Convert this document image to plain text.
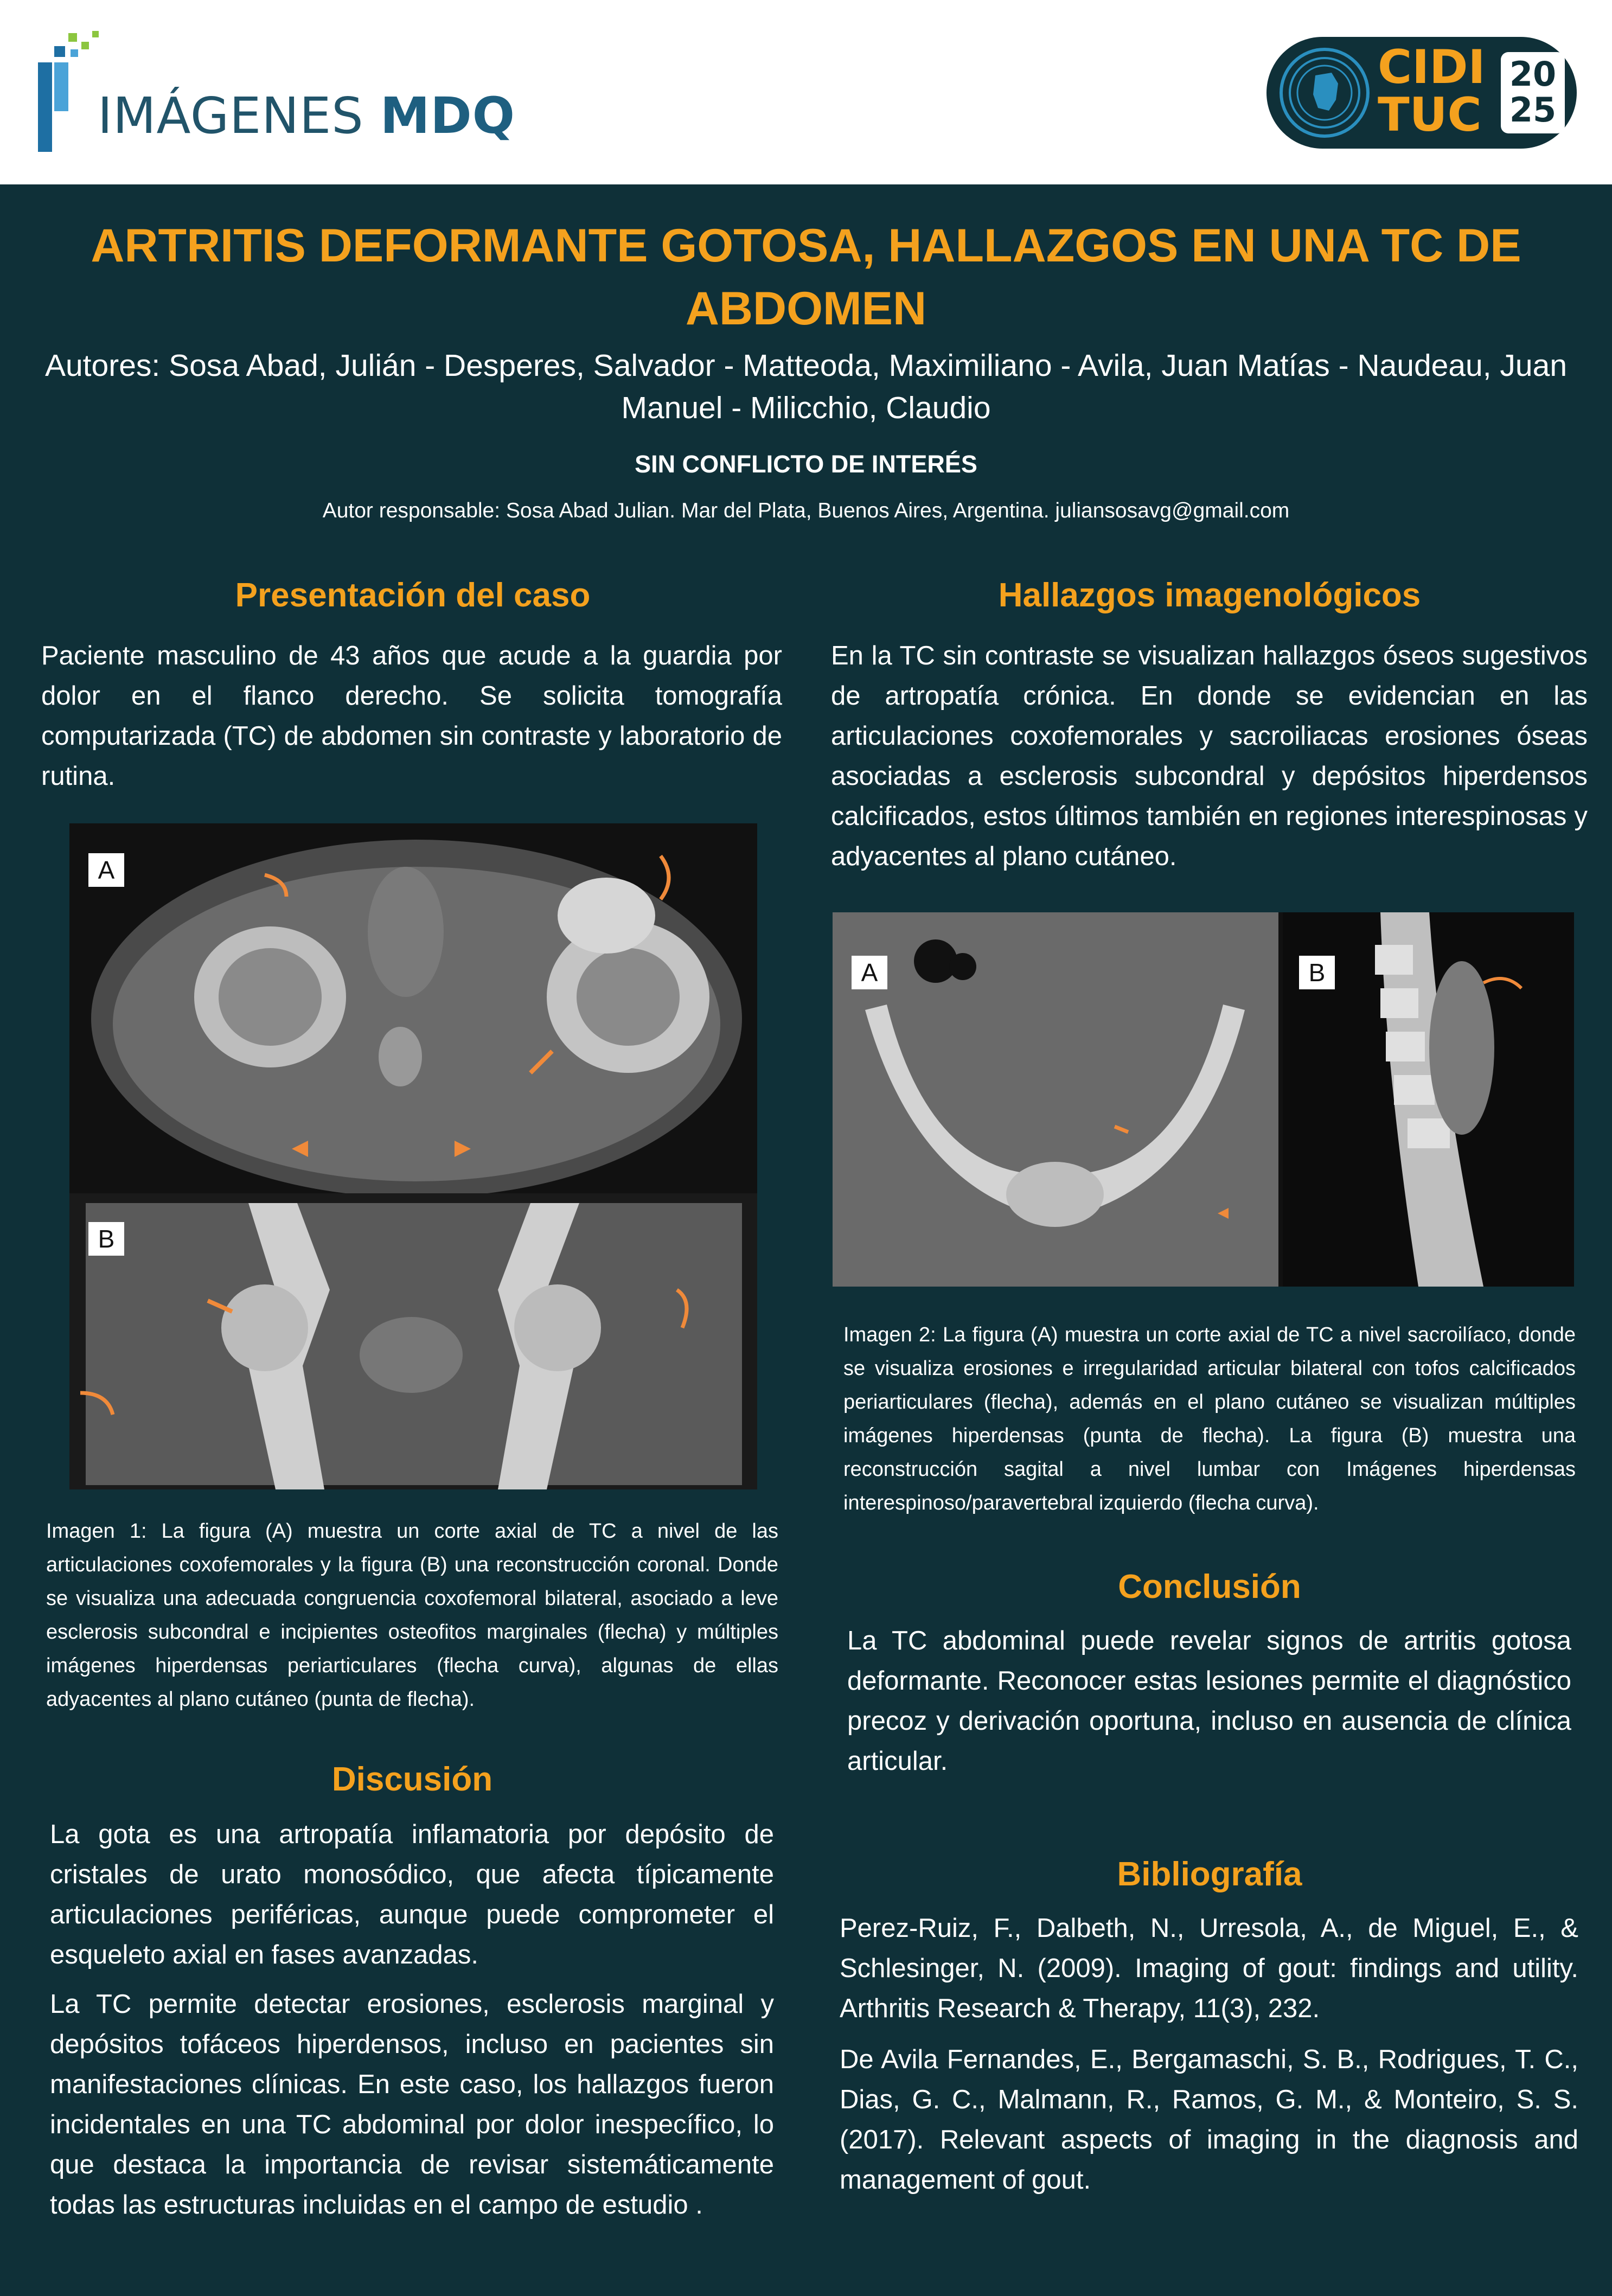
IMÁGENES MDQ
CIDI
TUC
20
25
ARTRITIS DEFORMANTE GOTOSA, HALLAZGOS EN UNA TC DE ABDOMEN
Autores: Sosa Abad, Julián - Desperes, Salvador - Matteoda, Maximiliano - Avila, Juan Matías - Naudeau, Juan Manuel - Milicchio, Claudio
SIN CONFLICTO DE INTERÉS
Autor responsable: Sosa Abad Julian. Mar del Plata, Buenos Aires, Argentina. juliansosavg@gmail.com
Presentación del caso
Paciente masculino de 43 años que acude a la guardia por dolor en el flanco derecho. Se solicita tomografía computarizada (TC) de abdomen sin contraste y laboratorio de rutina.
A
B
Imagen 1: La figura (A) muestra un corte axial de TC a nivel de las articulaciones coxofemorales y la figura (B) una reconstrucción coronal. Donde se visualiza una adecuada congruencia coxofemoral bilateral, asociado a leve esclerosis subcondral e incipientes osteofitos marginales (flecha) y múltiples imágenes hiperdensas periarticulares (flecha curva), algunas de ellas adyacentes al plano cutáneo (punta de flecha).
Discusión
La gota es una artropatía inflamatoria por depósito de cristales de urato monosódico, que afecta típicamente articulaciones periféricas, aunque puede comprometer el esqueleto axial en fases avanzadas.
La TC permite detectar erosiones, esclerosis marginal y depósitos tofáceos hiperdensos, incluso en pacientes sin manifestaciones clínicas. En este caso, los hallazgos fueron incidentales en una TC abdominal por dolor inespecífico, lo que destaca la importancia de revisar sistemáticamente todas las estructuras incluidas en el campo de estudio .
Hallazgos imagenológicos
En la TC sin contraste se visualizan hallazgos óseos sugestivos de artropatía crónica. En donde se evidencian en las articulaciones coxofemorales y sacroiliacas erosiones óseas asociadas a esclerosis subcondral y depósitos hiperdensos calcificados, estos últimos también en regiones interespinosas y adyacentes al plano cutáneo.
A	B
Imagen 2: La figura (A) muestra un corte axial de TC a nivel sacroilíaco, donde se visualiza erosiones e irregularidad articular bilateral con tofos calcificados periarticulares (flecha), además en el plano cutáneo se visualizan múltiples imágenes hiperdensas (punta de flecha). La figura (B) muestra una reconstrucción sagital a nivel lumbar con Imágenes hiperdensas interespinoso/paravertebral izquierdo (flecha curva).
Conclusión
La TC abdominal puede revelar signos de artritis gotosa deformante. Reconocer estas lesiones permite el diagnóstico precoz y derivación oportuna, incluso en ausencia de clínica articular.
Bibliografía
Perez-Ruiz, F., Dalbeth, N., Urresola, A., de Miguel, E., & Schlesinger, N. (2009). Imaging of gout: findings and utility. Arthritis Research & Therapy, 11(3), 232.
De Avila Fernandes, E., Bergamaschi, S. B., Rodrigues, T. C., Dias, G. C., Malmann, R., Ramos, G. M., & Monteiro, S. S. (2017). Relevant aspects of imaging in the diagnosis and management of gout.
